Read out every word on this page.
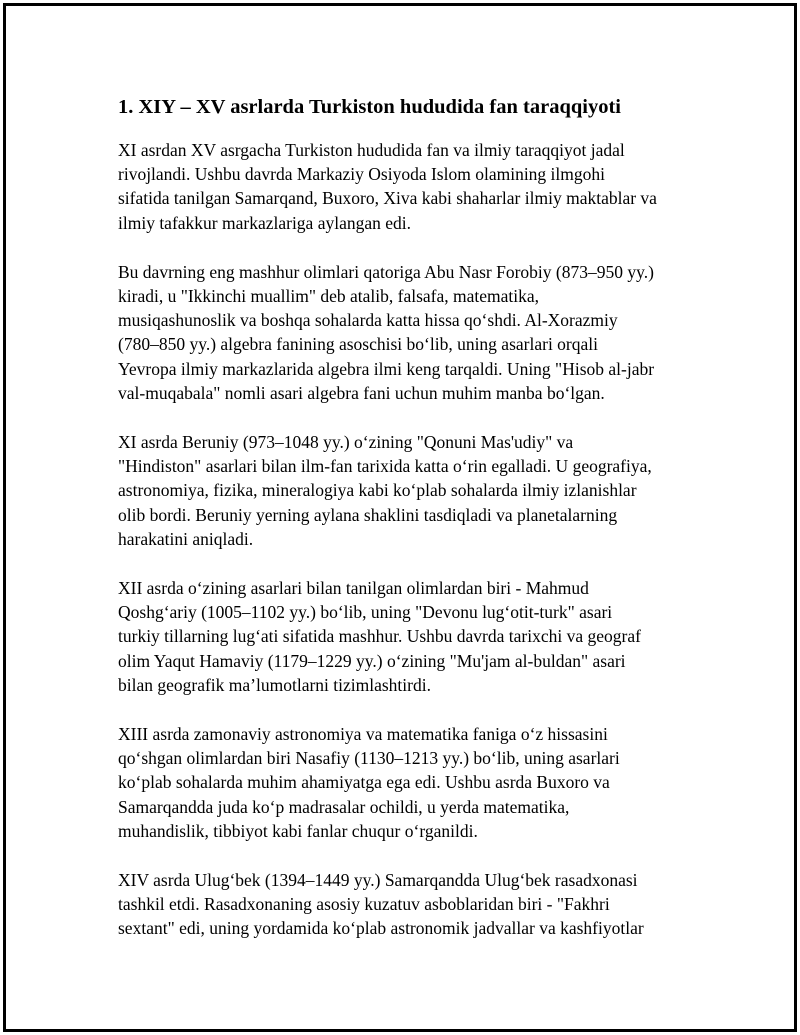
1. XIY – XV asrlarda Turkiston hududida fan taraqqiyoti

XI asrdan XV asrgacha Turkiston hududida fan va ilmiy taraqqiyot jadal
rivojlandi. Ushbu davrda Markaziy Osiyoda Islom olamining ilmgohi
sifatida tanilgan Samarqand, Buxoro, Xiva kabi shaharlar ilmiy maktablar va
ilmiy tafakkur markazlariga aylangan edi.

Bu davrning eng mashhur olimlari qatoriga Abu Nasr Forobiy (873–950 yy.)
kiradi, u "Ikkinchi muallim" deb atalib, falsafa, matematika,
musiqashunoslik va boshqa sohalarda katta hissa qo‘shdi. Al-Xorazmiy
(780–850 yy.) algebra fanining asoschisi bo‘lib, uning asarlari orqali
Yevropa ilmiy markazlarida algebra ilmi keng tarqaldi. Uning "Hisob al-jabr
val-muqabala" nomli asari algebra fani uchun muhim manba bo‘lgan.

XI asrda Beruniy (973–1048 yy.) o‘zining "Qonuni Mas'udiy" va
"Hindiston" asarlari bilan ilm-fan tarixida katta o‘rin egalladi. U geografiya,
astronomiya, fizika, mineralogiya kabi ko‘plab sohalarda ilmiy izlanishlar
olib bordi. Beruniy yerning aylana shaklini tasdiqladi va planetalarning
harakatini aniqladi.

XII asrda o‘zining asarlari bilan tanilgan olimlardan biri - Mahmud
Qoshg‘ariy (1005–1102 yy.) bo‘lib, uning "Devonu lug‘otit-turk" asari
turkiy tillarning lug‘ati sifatida mashhur. Ushbu davrda tarixchi va geograf
olim Yaqut Hamaviy (1179–1229 yy.) o‘zining "Mu'jam al-buldan" asari
bilan geografik ma’lumotlarni tizimlashtirdi.

XIII asrda zamonaviy astronomiya va matematika faniga o‘z hissasini
qo‘shgan olimlardan biri Nasafiy (1130–1213 yy.) bo‘lib, uning asarlari
ko‘plab sohalarda muhim ahamiyatga ega edi. Ushbu asrda Buxoro va
Samarqandda juda ko‘p madrasalar ochildi, u yerda matematika,
muhandislik, tibbiyot kabi fanlar chuqur o‘rganildi.

XIV asrda Ulug‘bek (1394–1449 yy.) Samarqandda Ulug‘bek rasadxonasi
tashkil etdi. Rasadxonaning asosiy kuzatuv asboblaridan biri - "Fakhri
sextant" edi, uning yordamida ko‘plab astronomik jadvallar va kashfiyotlar
